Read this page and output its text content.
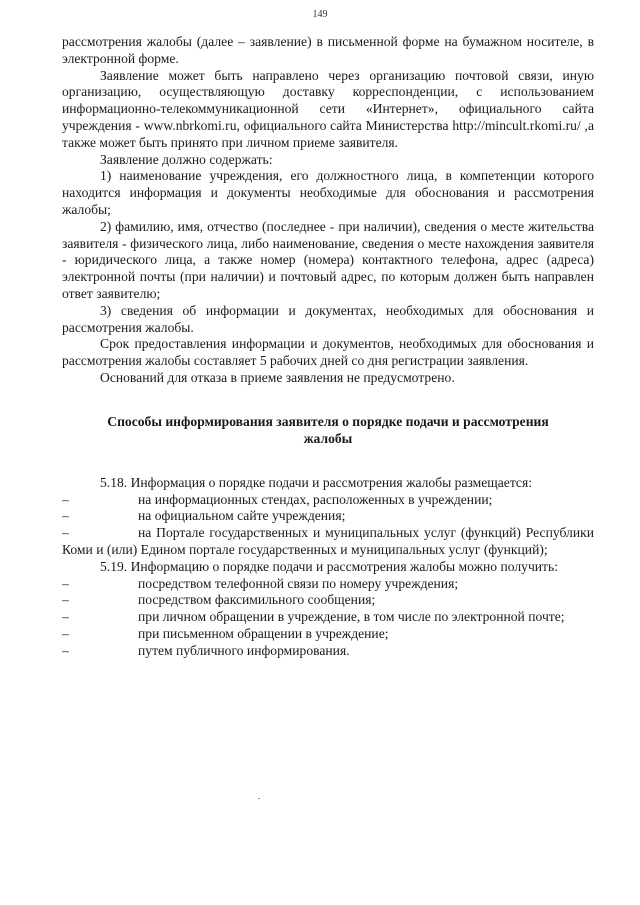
149

рассмотрения жалобы (далее – заявление) в письменной форме на бумажном носителе, в электронной форме.

Заявление может быть направлено через организацию почтовой связи, иную организацию, осуществляющую доставку корреспонденции, с использованием информационно-телекоммуникационной сети «Интернет», официального сайта учреждения - www.nbrkomi.ru, официального сайта Министерства http://mincult.rkomi.ru/ ,а также может быть принято при личном приеме заявителя.

Заявление должно содержать:

1) наименование учреждения, его должностного лица, в компетенции которого находится информация и документы необходимые для обоснования и рассмотрения жалобы;

2) фамилию, имя, отчество (последнее - при наличии), сведения о месте жительства заявителя - физического лица, либо наименование, сведения о месте нахождения заявителя - юридического лица, а также номер (номера) контактного телефона, адрес (адреса) электронной почты (при наличии) и почтовый адрес, по которым должен быть направлен ответ заявителю;

3) сведения об информации и документах, необходимых для обоснования и рассмотрения жалобы.

Срок предоставления информации и документов, необходимых для обоснования и рассмотрения жалобы составляет 5 рабочих дней со дня регистрации заявления.

Оснований для отказа в приеме заявления не предусмотрено.

Способы информирования заявителя о порядке подачи и рассмотрения
жалобы

5.18. Информация о порядке подачи и рассмотрения жалобы размещается:

–	на информационных стендах, расположенных в учреждении;

–	на официальном сайте учреждения;

–	на Портале государственных и муниципальных услуг (функций) Республики Коми и (или) Едином портале государственных и муниципальных услуг (функций);

5.19. Информацию о порядке подачи и рассмотрения жалобы можно получить:

–	посредством телефонной связи по номеру учреждения;

–	посредством факсимильного сообщения;

–	при личном обращении в учреждение, в том числе по электронной почте;

–	при письменном обращении в учреждение;

–	путем публичного информирования.
